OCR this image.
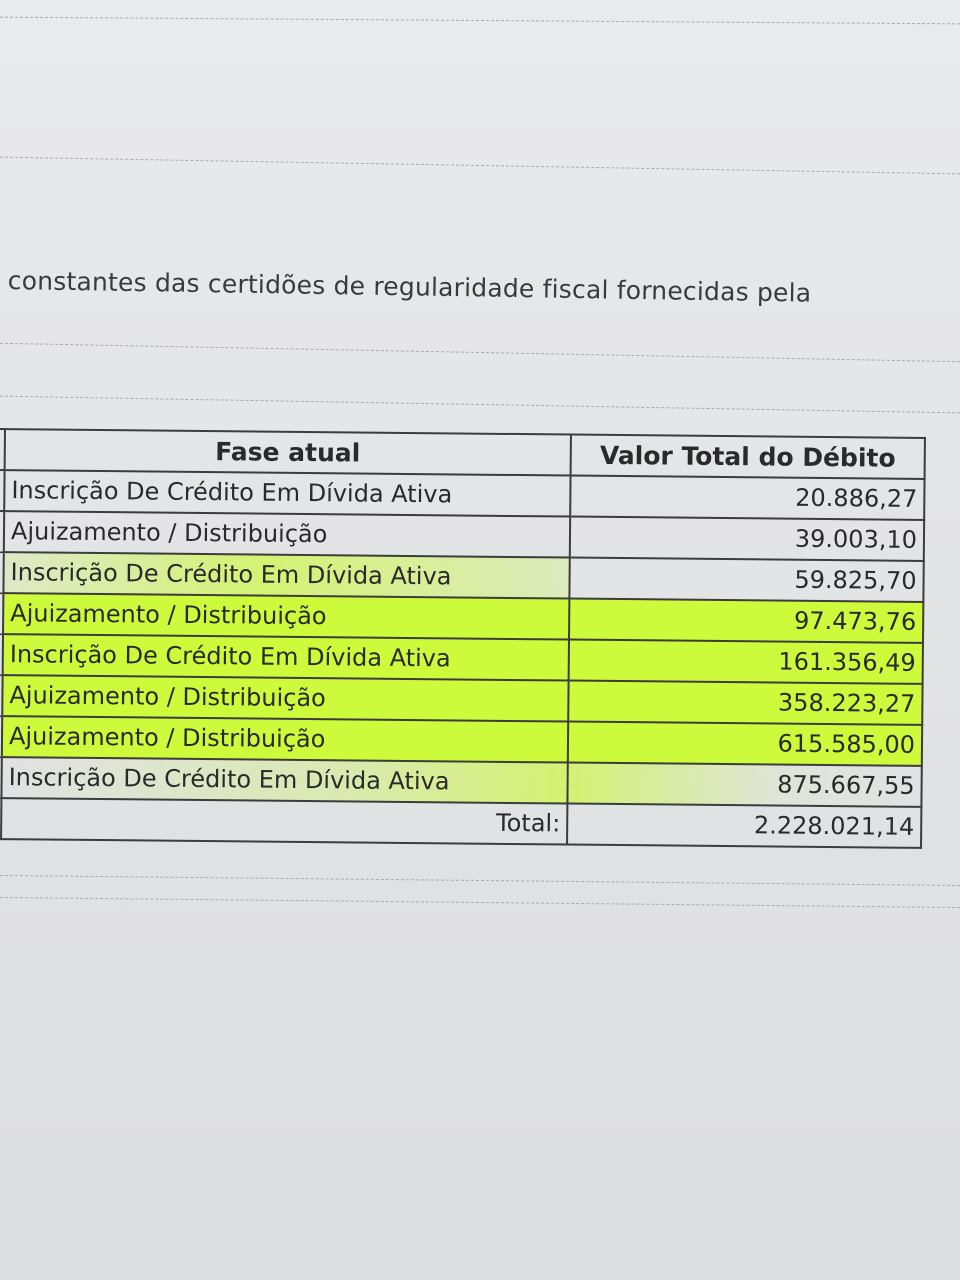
constantes das certidões de regularidade fiscal fornecidas pela
	Fase atual	Valor Total do Débito
	Inscrição De Crédito Em Dívida Ativa	20.886,27
	Ajuizamento / Distribuição	39.003,10
	Inscrição De Crédito Em Dívida Ativa	59.825,70
	Ajuizamento / Distribuição	97.473,76
	Inscrição De Crédito Em Dívida Ativa	161.356,49
	Ajuizamento / Distribuição	358.223,27
	Ajuizamento / Distribuição	615.585,00
	Inscrição De Crédito Em Dívida Ativa	875.667,55
	Total:	2.228.021,14
